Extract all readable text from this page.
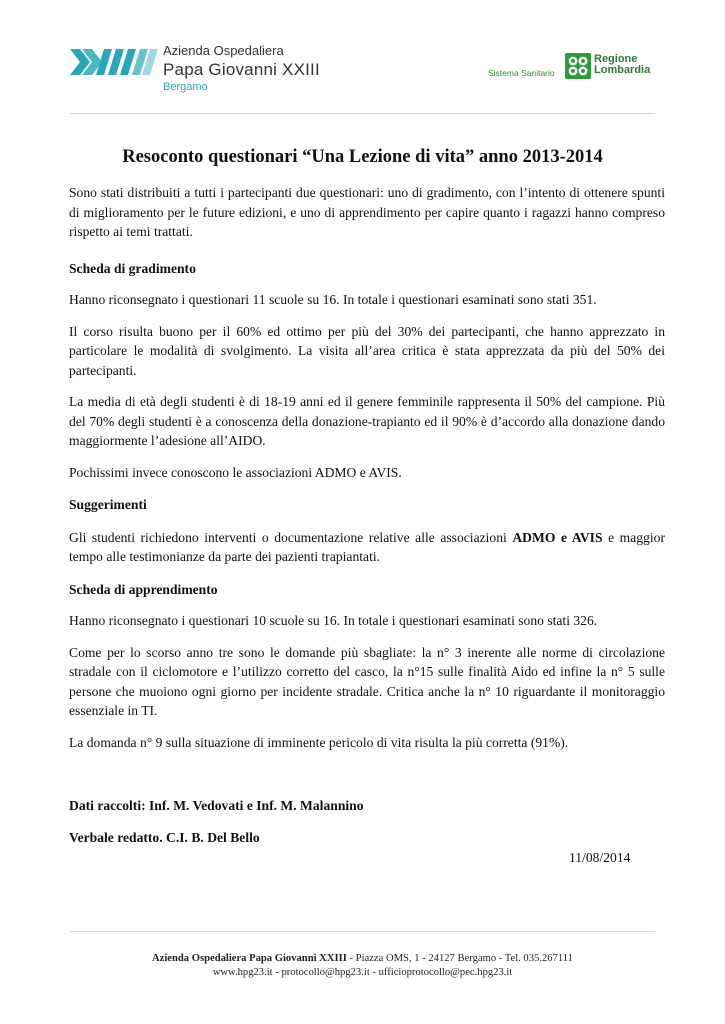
Azienda Ospedaliera
Papa Giovanni XXIII
Bergamo
Sistema Sanitario
Regione
Lombardia
Resoconto questionari “Una Lezione di vita” anno 2013-2014

Sono stati distribuiti a tutti i partecipanti due questionari: uno di gradimento, con l’intento di ottenere spunti di miglioramento per le future edizioni, e uno di apprendimento per capire quanto i ragazzi hanno compreso rispetto ai temi trattati.

Scheda di gradimento

Hanno riconsegnato i questionari 11 scuole su 16. In totale i questionari esaminati sono stati 351.

Il corso risulta buono per il 60% ed ottimo per più del 30% dei partecipanti, che hanno apprezzato in particolare le modalità di svolgimento. La visita all’area critica è stata apprezzata da più del 50% dei partecipanti.

La media di età degli studenti è di 18-19 anni ed il genere femminile rappresenta il 50% del campione. Più del 70% degli studenti è a conoscenza della donazione-trapianto ed il 90% è d’accordo alla donazione dando maggiormente l’adesione all’AIDO.

Pochissimi invece conoscono le associazioni ADMO e AVIS.

Suggerimenti

Gli studenti richiedono interventi o documentazione relative alle associazioni ADMO e AVIS e maggior tempo alle testimonianze da parte dei pazienti trapiantati.

Scheda di apprendimento

Hanno riconsegnato i questionari 10 scuole su 16. In totale i questionari esaminati sono stati 326.

Come per lo scorso anno tre sono le domande più sbagliate: la n° 3 inerente alle norme di circolazione stradale con il ciclomotore e l’utilizzo corretto del casco, la n°15 sulle finalità Aido ed infine la n° 5 sulle persone che muoiono ogni giorno per incidente stradale. Critica anche la n° 10 riguardante il monitoraggio essenziale in TI.

La domanda n° 9 sulla situazione di imminente pericolo di vita risulta la più corretta (91%).

Dati raccolti: Inf. M. Vedovati e Inf. M. Malannino

Verbale redatto. C.I. B. Del Bello

11/08/2014
Azienda Ospedaliera Papa Giovanni XXIII - Piazza OMS, 1 - 24127 Bergamo - Tel. 035.267111
www.hpg23.it - protocollo@hpg23.it - ufficioprotocollo@pec.hpg23.it
